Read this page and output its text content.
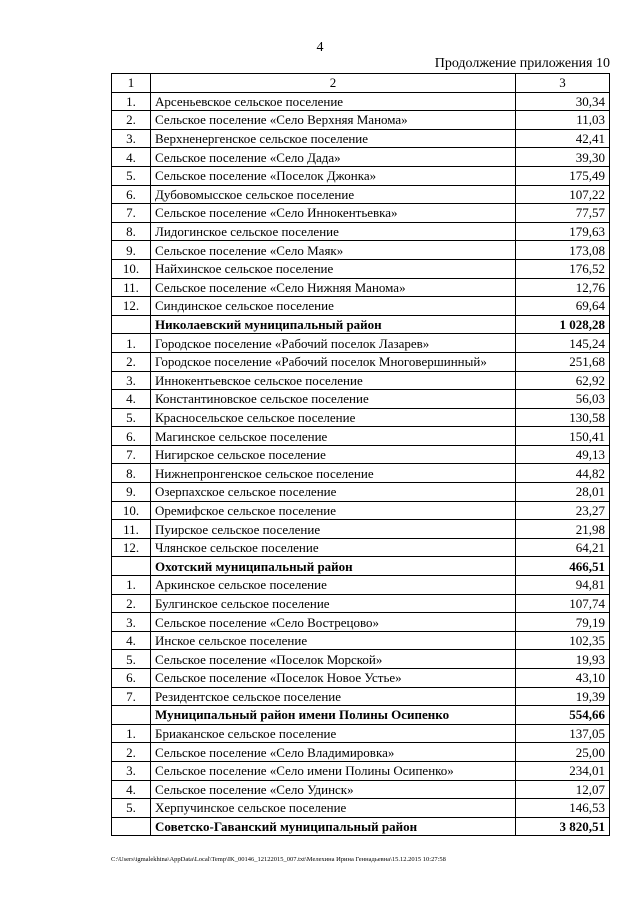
4
Продолжение приложения 10
1	2	3
1.	Арсеньевское сельское поселение	30,34
2.	Сельское поселение «Село Верхняя Манома»	11,03
3.	Верхненергенское сельское поселение	42,41
4.	Сельское поселение «Село Дада»	39,30
5.	Сельское поселение «Поселок Джонка»	175,49
6.	Дубовомысское сельское поселение	107,22
7.	Сельское поселение «Село Иннокентьевка»	77,57
8.	Лидогинское сельское поселение	179,63
9.	Сельское поселение «Село Маяк»	173,08
10.	Найхинское сельское поселение	176,52
11.	Сельское поселение «Село Нижняя Манома»	12,76
12.	Синдинское сельское поселение	69,64
	Николаевский муниципальный район	1 028,28
1.	Городское поселение «Рабочий поселок Лазарев»	145,24
2.	Городское поселение «Рабочий поселок Многовершинный»	251,68
3.	Иннокентьевское сельское поселение	62,92
4.	Константиновское сельское поселение	56,03
5.	Красносельское сельское поселение	130,58
6.	Магинское сельское поселение	150,41
7.	Нигирское сельское поселение	49,13
8.	Нижнепронгенское сельское поселение	44,82
9.	Озерпахское сельское поселение	28,01
10.	Оремифское сельское поселение	23,27
11.	Пуирское сельское поселение	21,98
12.	Члянское сельское поселение	64,21
	Охотский муниципальный район	466,51
1.	Аркинское сельское поселение	94,81
2.	Булгинское сельское поселение	107,74
3.	Сельское поселение «Село Вострецово»	79,19
4.	Инское сельское поселение	102,35
5.	Сельское поселение «Поселок Морской»	19,93
6.	Сельское поселение «Поселок Новое Устье»	43,10
7.	Резидентское сельское поселение	19,39
	Муниципальный район имени Полины Осипенко	554,66
1.	Бриаканское сельское поселение	137,05
2.	Сельское поселение «Село Владимировка»	25,00
3.	Сельское поселение «Село имени Полины Осипенко»	234,01
4.	Сельское поселение «Село Удинск»	12,07
5.	Херпучинское сельское поселение	146,53
	Советско-Гаванский муниципальный район	3 820,51
C:\Users\igmalekhina\AppData\Local\Temp\IK_00146_12122015_007.txt\Мелехина Ирина Геннадьевна\15.12.2015 10:27:58
